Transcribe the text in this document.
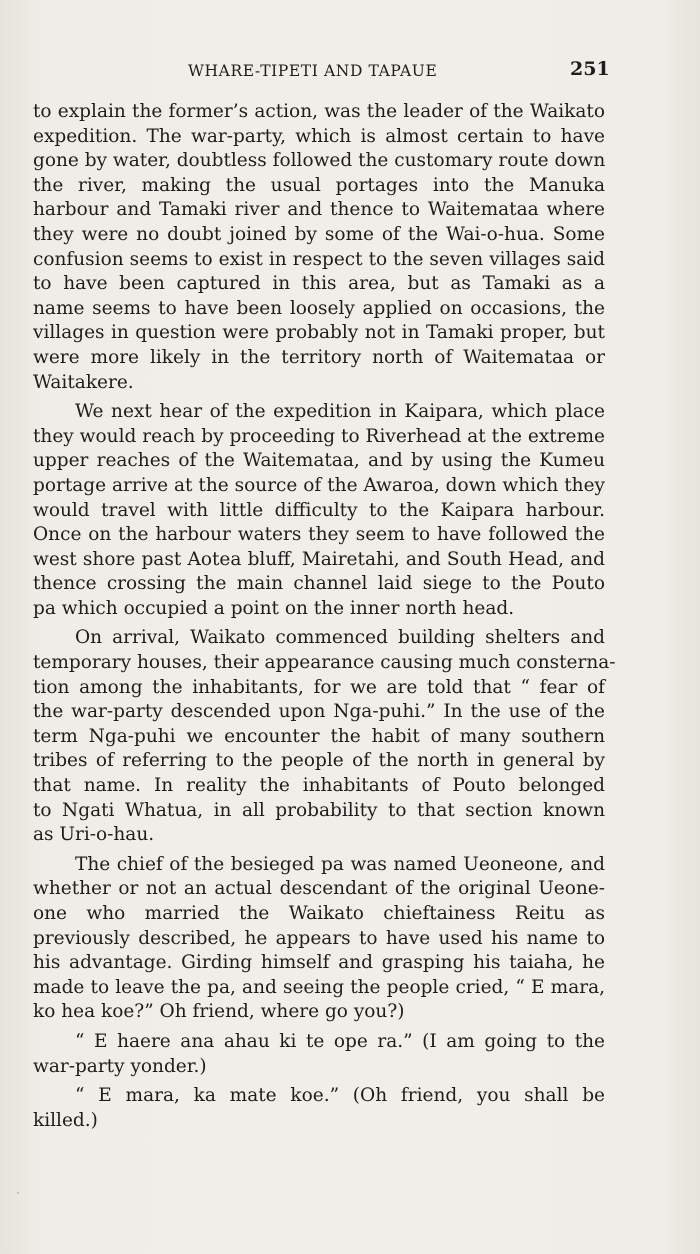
WHARE-TIPETI AND TAPAUE	251
to explain the former’s action, was the leader of the Waikato
expedition. The war-party, which is almost certain to have
gone by water, doubtless followed the customary route down
the river, making the usual portages into the Manuka
harbour and Tamaki river and thence to Waitemataa where
they were no doubt joined by some of the Wai-o-hua. Some
confusion seems to exist in respect to the seven villages said
to have been captured in this area, but as Tamaki as a
name seems to have been loosely applied on occasions, the
villages in question were probably not in Tamaki proper, but
were more likely in the territory north of Waitemataa or
Waitakere.
We next hear of the expedition in Kaipara, which place
they would reach by proceeding to Riverhead at the extreme
upper reaches of the Waitemataa, and by using the Kumeu
portage arrive at the source of the Awaroa, down which they
would travel with little difficulty to the Kaipara harbour.
Once on the harbour waters they seem to have followed the
west shore past Aotea bluff, Mairetahi, and South Head, and
thence crossing the main channel laid siege to the Pouto
pa which occupied a point on the inner north head.
On arrival, Waikato commenced building shelters and
temporary houses, their appearance causing much consterna-
tion among the inhabitants, for we are told that “ fear of
the war-party descended upon Nga-puhi.” In the use of the
term Nga-puhi we encounter the habit of many southern
tribes of referring to the people of the north in general by
that name. In reality the inhabitants of Pouto belonged
to Ngati Whatua, in all probability to that section known
as Uri-o-hau.
The chief of the besieged pa was named Ueoneone, and
whether or not an actual descendant of the original Ueone-
one who married the Waikato chieftainess Reitu as
previously described, he appears to have used his name to
his advantage. Girding himself and grasping his taiaha, he
made to leave the pa, and seeing the people cried, “ E mara,
ko hea koe?” Oh friend, where go you?)
“ E haere ana ahau ki te ope ra.” (I am going to the
war-party yonder.)
“ E mara, ka mate koe.” (Oh friend, you shall be
killed.)
